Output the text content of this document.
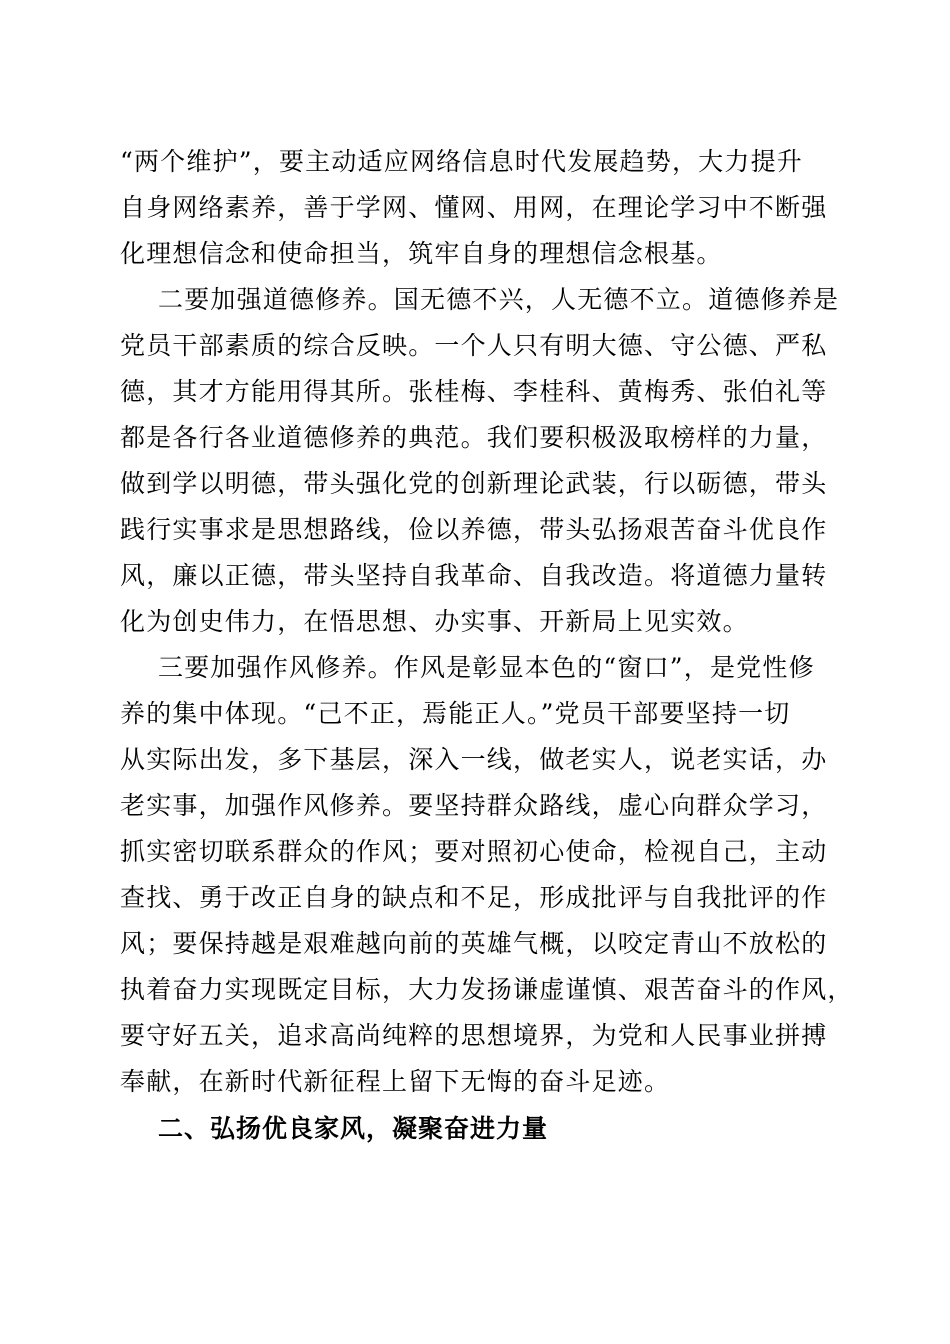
“两个维护”，要主动适应网络信息时代发展趋势，大力提升
自身网络素养，善于学网、懂网、用网，在理论学习中不断强
化理想信念和使命担当，筑牢自身的理想信念根基。
二要加强道德修养。国无德不兴，人无德不立。道德修养是
党员干部素质的综合反映。一个人只有明大德、守公德、严私
德，其才方能用得其所。张桂梅、李桂科、黄梅秀、张伯礼等
都是各行各业道德修养的典范。我们要积极汲取榜样的力量，
做到学以明德，带头强化党的创新理论武装，行以砺德，带头
践行实事求是思想路线，俭以养德，带头弘扬艰苦奋斗优良作
风，廉以正德，带头坚持自我革命、自我改造。将道德力量转
化为创史伟力，在悟思想、办实事、开新局上见实效。
三要加强作风修养。作风是彰显本色的“窗口”，是党性修
养的集中体现。“己不正，焉能正人。”党员干部要坚持一切
从实际出发，多下基层，深入一线，做老实人，说老实话，办
老实事，加强作风修养。要坚持群众路线，虚心向群众学习，
抓实密切联系群众的作风；要对照初心使命，检视自己，主动
查找、勇于改正自身的缺点和不足，形成批评与自我批评的作
风；要保持越是艰难越向前的英雄气概，以咬定青山不放松的
执着奋力实现既定目标，大力发扬谦虚谨慎、艰苦奋斗的作风，
要守好五关，追求高尚纯粹的思想境界，为党和人民事业拼搏
奉献，在新时代新征程上留下无悔的奋斗足迹。
二、弘扬优良家风，凝聚奋进力量
